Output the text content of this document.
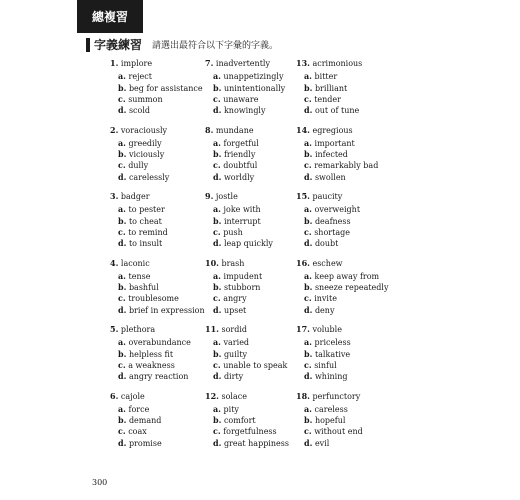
總複習
字義練習 請選出最符合以下字彙的字義。
1. implore
a. reject
b. beg for assistance
c. summon
d. scold
7. inadvertently
a. unappetizingly
b. unintentionally
c. unaware
d. knowingly
13. acrimonious
a. bitter
b. brilliant
c. tender
d. out of tune
2. voraciously
a. greedily
b. viciously
c. dully
d. carelessly
8. mundane
a. forgetful
b. friendly
c. doubtful
d. worldly
14. egregious
a. important
b. infected
c. remarkably bad
d. swollen
3. badger
a. to pester
b. to cheat
c. to remind
d. to insult
9. jostle
a. joke with
b. interrupt
c. push
d. leap quickly
15. paucity
a. overweight
b. deafness
c. shortage
d. doubt
4. laconic
a. tense
b. bashful
c. troublesome
d. brief in expression
10. brash
a. impudent
b. stubborn
c. angry
d. upset
16. eschew
a. keep away from
b. sneeze repeatedly
c. invite
d. deny
5. plethora
a. overabundance
b. helpless fit
c. a weakness
d. angry reaction
11. sordid
a. varied
b. guilty
c. unable to speak
d. dirty
17. voluble
a. priceless
b. talkative
c. sinful
d. whining
6. cajole
a. force
b. demand
c. coax
d. promise
12. solace
a. pity
b. comfort
c. forgetfulness
d. great happiness
18. perfunctory
a. careless
b. hopeful
c. without end
d. evil
300
